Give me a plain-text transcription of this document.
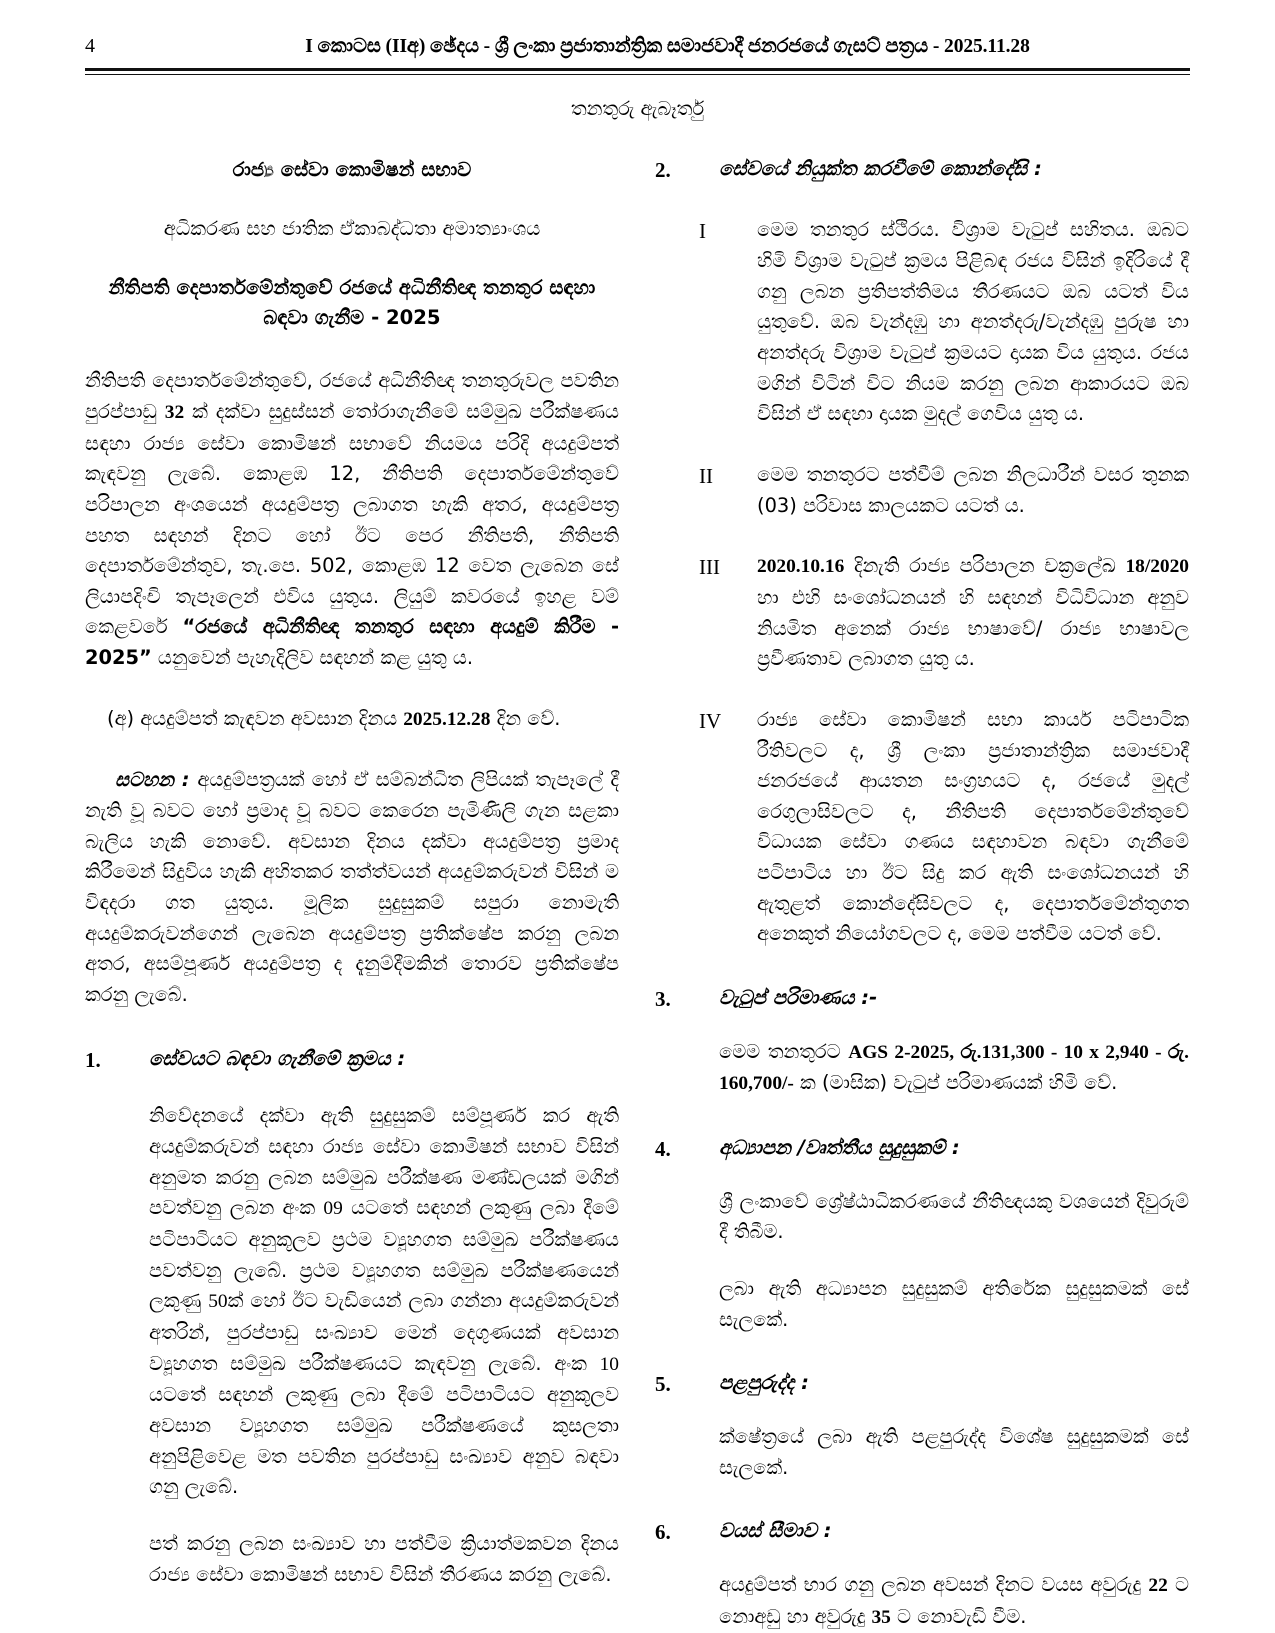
4	I කොටස (IIඅ) ඡේදය - ශ්‍රී ලංකා ප්‍රජාතාන්ත්‍රික සමාජවාදී ජනරජයේ ගැසට් පත්‍රය - 2025.11.28
තනතුරු ඇබෑර්තු
රාජ්‍ය සේවා කොමිෂන් සභාව
අධිකරණ සහ ජාතික ඒකාබද්ධතා අමාත්‍යාංශය
නීතිපති දෙපාර්තමේන්තුවේ රජයේ අධිනීතිඥ තනතුර සඳහා
බඳවා ගැනීම - 2025

නීතිපති දෙපාර්තමේන්තුවේ, රජයේ අධිනීතිඥ තනතුරුවල පවතින පුරප්පාඩු 32 ක් දක්වා සුදුස්සන් තෝරාගැනීමේ සම්මුඛ පරීක්ෂණය සඳහා රාජ්‍ය සේවා කොමිෂන් සභාවේ නියමය පරිදි අයදුම්පත් කැඳවනු ලැබේ. කොළඹ 12, නීතිපති දෙපාර්තමේන්තුවේ පරිපාලන අංශයෙන් අයදුම්පත්‍ර ලබාගත හැකි අතර, අයදුම්පත්‍ර පහත සඳහන් දිනට හෝ ඊට පෙර නීතිපති, නීතිපති දෙපාර්තමේන්තුව, තැ.පෙ. 502, කොළඹ 12 වෙත ලැබෙන සේ ලියාපදිංචි තැපෑලෙන් එවිය යුතුය. ලියුම් කවරයේ ඉහළ වම් කෙළවරේ “රජයේ අධිනීතිඥ තනතුර සඳහා අයදුම් කිරීම - 2025” යනුවෙන් පැහැදිලිව සඳහන් කළ යුතු ය.

(අ) අයදුම්පත් කැඳවන අවසාන දිනය 2025.12.28 දින වේ.

සටහන : අයදුම්පත්‍රයක් හෝ ඒ සම්බන්ධිත ලිපියක් තැපෑලේ දී නැති වූ බවට හෝ ප්‍රමාද වූ බවට කෙරෙන පැමිණිලි ගැන සළකා බැලිය හැකි නොවේ. අවසාන දිනය දක්වා අයදුම්පත්‍ර ප්‍රමාද කිරීමෙන් සිදුවිය හැකි අහිතකර තත්ත්වයන් අයදුම්කරුවන් විසින් ම විඳදරා ගත යුතුය. මූලික සුදුසුකම් සපුරා නොමැති අයදුම්කරුවන්ගෙන් ලැබෙන අයදුම්පත්‍ර ප්‍රතික්ෂේප කරනු ලබන අතර, අසම්පූර්ණ අයදුම්පත්‍ර ද දැනුම්දීමකින් තොරව ප්‍රතික්ෂේප කරනු ලැබේ.

1.	සේවයට බඳවා ගැනීමේ ක්‍රමය :

නිවේදනයේ දක්වා ඇති සුදුසුකම් සම්පූර්ණ කර ඇති අයදුම්කරුවන් සඳහා රාජ්‍ය සේවා කොමිෂන් සභාව විසින් අනුමත කරනු ලබන සම්මුඛ පරීක්ෂණ මණ්ඩලයක් මගින් පවත්වනු ලබන අංක 09 යටතේ සඳහන් ලකුණු ලබා දීමේ පටිපාටියට අනුකූලව ප්‍රථම ව්‍යූහගත සම්මුඛ පරීක්ෂණය පවත්වනු ලැබේ. ප්‍රථම ව්‍යූහගත සම්මුඛ පරීක්ෂණයෙන් ලකුණු 50ක් හෝ ඊට වැඩියෙන් ලබා ගන්නා අයදුම්කරුවන් අතරින්, පුරප්පාඩු සංඛ්‍යාව මෙන් දෙගුණයක් අවසාන ව්‍යූහගත සම්මුඛ පරීක්ෂණයට කැඳවනු ලැබේ. අංක 10 යටතේ සඳහන් ලකුණු ලබා දීමේ පටිපාටියට අනුකූලව අවසාන ව්‍යූහගත සම්මුඛ පරීක්ෂණයේ කුසලතා අනුපිළිවෙළ මත පවතින පුරප්පාඩු සංඛ්‍යාව අනුව බඳවා ගනු ලැබේ.

පත් කරනු ලබන සංඛ්‍යාව හා පත්වීම ක්‍රියාත්මකවන දිනය රාජ්‍ය සේවා කොමිෂන් සභාව විසින් තීරණය කරනු ලැබේ.

2.	සේවයේ නියුක්ත කරවීමේ කොන්දේසි :
I	මෙම තනතුර ස්ථිරය. විශ්‍රාම වැටුප් සහිතය. ඔබට හිමි විශ්‍රාම වැටුප් ක්‍රමය පිළිබඳ රජය විසින් ඉදිරියේ දී ගනු ලබන ප්‍රතිපත්තිමය තීරණයට ඔබ යටත් විය යුතුවේ. ඔබ වැන්දඹු හා අනත්දරු/වැන්දඹු පුරුෂ හා අනත්දරු විශ්‍රාම වැටුප් ක්‍රමයට දායක විය යුතුය. රජය මගින් විටින් විට නියම කරනු ලබන ආකාරයට ඔබ විසින් ඒ සඳහා දායක මුදල් ගෙවිය යුතු ය.
II	මෙම තනතුරට පත්වීම් ලබන නිලධාරීන් වසර තුනක (03) පරිවාස කාලයකට යටත් ය.
III	2020.10.16 දිනැති රාජ්‍ය පරිපාලන චක්‍රලේඛ 18/2020 හා එහි සංශෝධනයන් හි සඳහන් විධිවිධාන අනුව නියමිත අනෙක් රාජ්‍ය භාෂාවේ/ රාජ්‍ය භාෂාවල ප්‍රවීණතාව ලබාගත යුතු ය.
IV	රාජ්‍ය සේවා කොමිෂන් සභා කාර්ය පටිපාටික රීතිවලට ද, ශ්‍රී ලංකා ප්‍රජාතාන්ත්‍රික සමාජවාදී ජනරජයේ ආයතන සංග්‍රහයට ද, රජයේ මුදල් රෙගුලාසිවලට ද, නීතිපති දෙපාර්තමේන්තුවේ විධායක සේවා ගණය සඳහාවන බඳවා ගැනීමේ පටිපාටිය හා ඊට සිදු කර ඇති සංශෝධනයන් හි ඇතුළත් කොන්දේසිවලට ද, දෙපාර්තමේන්තුගත අනෙකුත් නියෝගවලට ද, මෙම පත්වීම යටත් වේ.
3.	වැටුප් පරිමාණය :-

මෙම තනතුරට AGS 2-2025, රු.131,300 - 10 x 2,940 - රු. 160,700/- ක (මාසික) වැටුප් පරිමාණයක් හිමි වේ.

4.	අධ්‍යාපන /වෘත්තීය සුදුසුකම් :

ශ්‍රී ලංකාවේ ශ්‍රේෂ්ඨාධිකරණයේ නීතිඥයකු වශයෙන් දිවුරුම් දී තිබීම.

ලබා ඇති අධ්‍යාපන සුදුසුකම් අතිරේක සුදුසුකමක් සේ සැලකේ.

5.	පළපුරුද්ද :

ක්ෂේත්‍රයේ ලබා ඇති පළපුරුද්ද විශේෂ සුදුසුකමක් සේ සැලකේ.

6.	වයස් සීමාව :

අයදුම්පත් භාර ගනු ලබන අවසන් දිනට වයස අවුරුදු 22 ට නොඅඩු හා අවුරුදු 35 ට නොවැඩි වීම.
